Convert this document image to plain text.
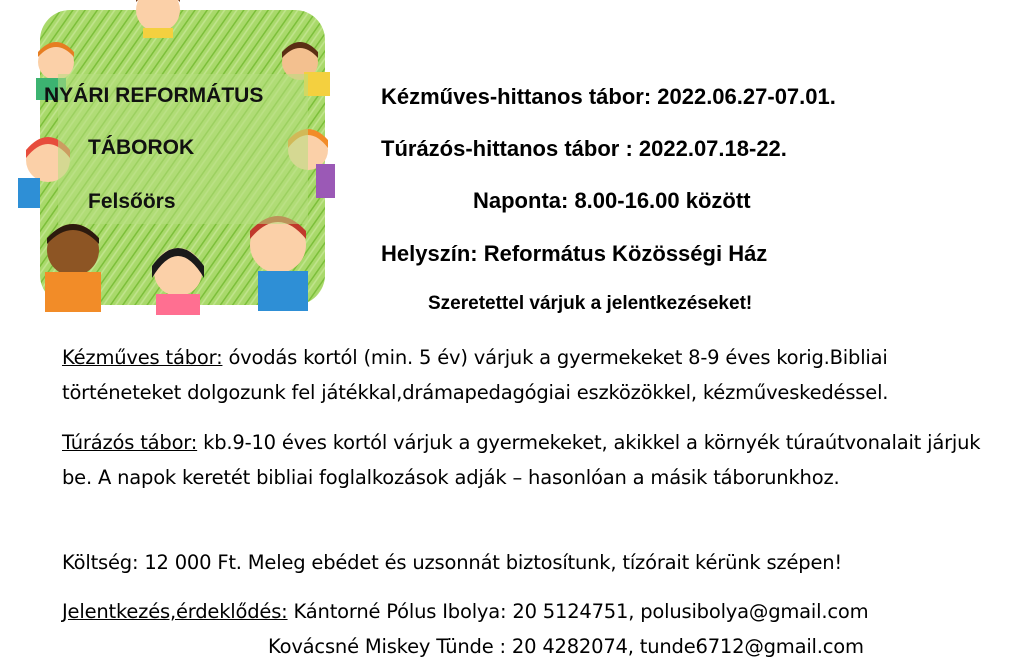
NYÁRI REFORMÁTUS
TÁBOROK
Felsőörs
Kézműves-hittanos tábor: 2022.06.27-07.01.
Túrázós-hittanos tábor : 2022.07.18-22.
Naponta: 8.00-16.00 között
Helyszín: Református Közösségi Ház
Szeretettel várjuk a jelentkezéseket!
Kézműves tábor: óvodás kortól (min. 5 év) várjuk a gyermekeket 8-9 éves korig.Bibliai történeteket dolgozunk fel játékkal,drámapedagógiai eszközökkel, kézműveskedéssel.
Túrázós tábor: kb.9-10 éves kortól várjuk a gyermekeket, akikkel a környék túraútvonalait járjuk be. A napok keretét bibliai foglalkozások adják – hasonlóan a másik táborunkhoz.
Költség: 12 000 Ft. Meleg ebédet és uzsonnát biztosítunk, tízórait kérünk szépen!
Jelentkezés,érdeklődés: Kántorné Pólus Ibolya: 20 5124751, polusibolya@gmail.com
Kovácsné Miskey Tünde : 20 4282074, tunde6712@gmail.com
